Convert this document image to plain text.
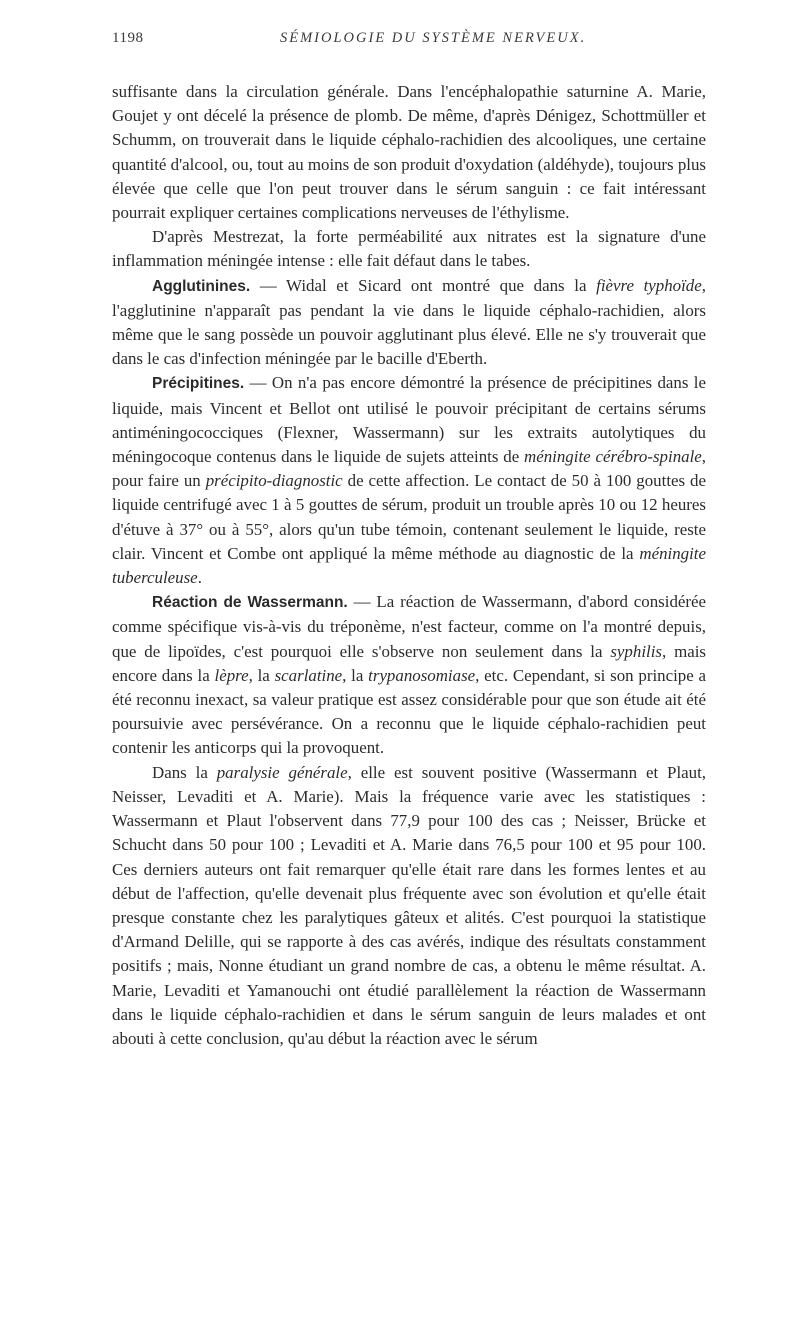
1198	SÉMIOLOGIE DU SYSTÈME NERVEUX.

suffisante dans la circulation générale. Dans l'encéphalopathie saturnine A. Marie, Goujet y ont décelé la présence de plomb. De même, d'après Dénigez, Schottmüller et Schumm, on trouverait dans le liquide céphalo-rachidien des alcooliques, une certaine quantité d'alcool, ou, tout au moins de son produit d'oxydation (aldéhyde), toujours plus élevée que celle que l'on peut trouver dans le sérum sanguin : ce fait intéressant pourrait expliquer certaines complications nerveuses de l'éthylisme.

D'après Mestrezat, la forte perméabilité aux nitrates est la signature d'une inflammation méningée intense : elle fait défaut dans le tabes.

Agglutinines. — Widal et Sicard ont montré que dans la fièvre typhoïde, l'agglutinine n'apparaît pas pendant la vie dans le liquide céphalo-rachidien, alors même que le sang possède un pouvoir agglutinant plus élevé. Elle ne s'y trouverait que dans le cas d'infection méningée par le bacille d'Eberth.

Précipitines. — On n'a pas encore démontré la présence de précipitines dans le liquide, mais Vincent et Bellot ont utilisé le pouvoir précipitant de certains sérums antiméningococciques (Flexner, Wassermann) sur les extraits autolytiques du méningocoque contenus dans le liquide de sujets atteints de méningite cérébro-spinale, pour faire un précipito-diagnostic de cette affection. Le contact de 50 à 100 gouttes de liquide centrifugé avec 1 à 5 gouttes de sérum, produit un trouble après 10 ou 12 heures d'étuve à 37° ou à 55°, alors qu'un tube témoin, contenant seulement le liquide, reste clair. Vincent et Combe ont appliqué la même méthode au diagnostic de la méningite tuberculeuse.

Réaction de Wassermann. — La réaction de Wassermann, d'abord considérée comme spécifique vis-à-vis du tréponème, n'est facteur, comme on l'a montré depuis, que de lipoïdes, c'est pourquoi elle s'observe non seulement dans la syphilis, mais encore dans la lèpre, la scarlatine, la trypanosomiase, etc. Cependant, si son principe a été reconnu inexact, sa valeur pratique est assez considérable pour que son étude ait été poursuivie avec persévérance. On a reconnu que le liquide céphalo-rachidien peut contenir les anticorps qui la provoquent.

Dans la paralysie générale, elle est souvent positive (Wassermann et Plaut, Neisser, Levaditi et A. Marie). Mais la fréquence varie avec les statistiques : Wassermann et Plaut l'observent dans 77,9 pour 100 des cas ; Neisser, Brücke et Schucht dans 50 pour 100 ; Levaditi et A. Marie dans 76,5 pour 100 et 95 pour 100. Ces derniers auteurs ont fait remarquer qu'elle était rare dans les formes lentes et au début de l'affection, qu'elle devenait plus fréquente avec son évolution et qu'elle était presque constante chez les paralytiques gâteux et alités. C'est pourquoi la statistique d'Armand Delille, qui se rapporte à des cas avérés, indique des résultats constamment positifs ; mais, Nonne étudiant un grand nombre de cas, a obtenu le même résultat. A. Marie, Levaditi et Yamanouchi ont étudié parallèlement la réaction de Wassermann dans le liquide céphalo-rachidien et dans le sérum sanguin de leurs malades et ont abouti à cette conclusion, qu'au début la réaction avec le sérum
